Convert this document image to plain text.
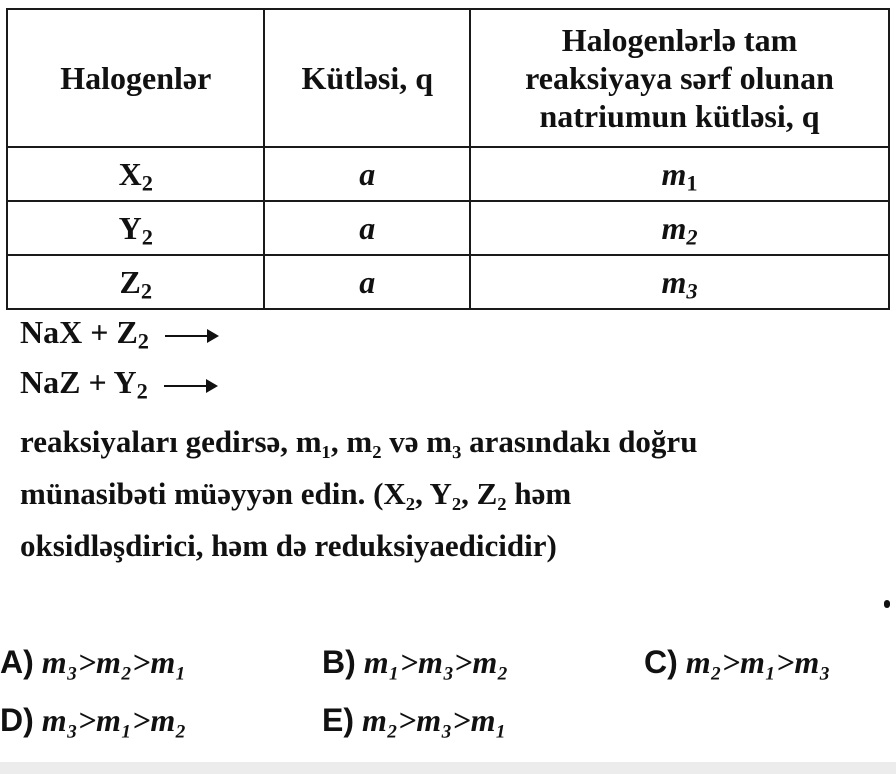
Halogenlər	Kütləsi, q	Halogenlərlə tam reaksiyaya sərf olunan natriumun kütləsi, q
$X_2$	a	$m_1$
$Y_2$	a	$m_2$
$Z_2$	a	$m_3$
NaX + $Z_2$
NaZ + $Y_2$

reaksiyaları gedirsə, m₁, m₂ və m₃ arasındakı doğru

münasibəti müəyyən edin. (X₂, Y₂, Z₂ həm

oksidləşdirici, həm də reduksiyaedicidir)

A) m₃>m₂>m₁	B) m₁>m₃>m₂	C) m₂>m₁>m₃
D) m₃>m₁>m₂	E) m₂>m₃>m₁
